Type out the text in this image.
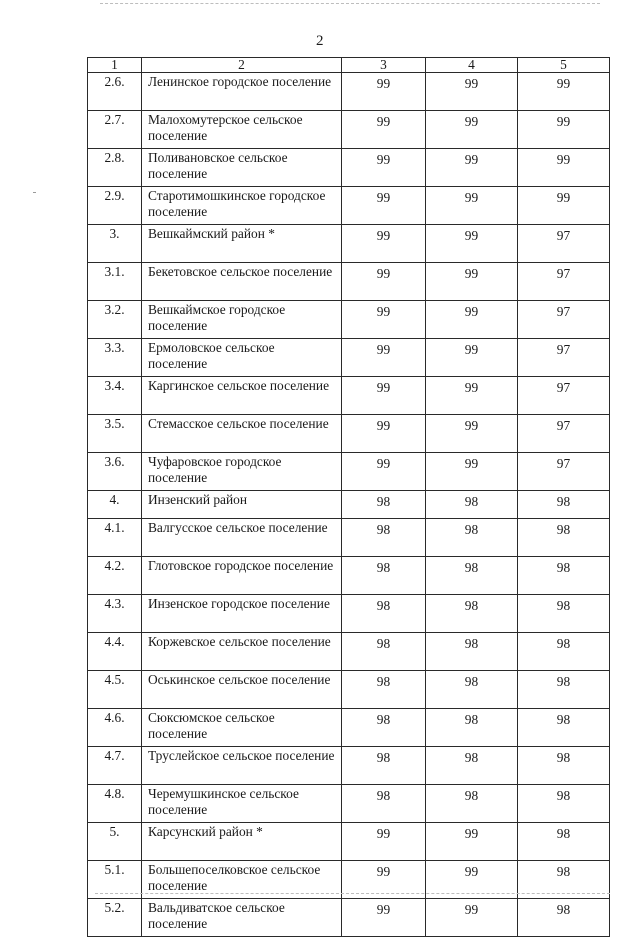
2
1	2	3	4	5
2.6.	Ленинское городское поселение	99	99	99
2.7.	Малохомутерское сельское поселение	99	99	99
2.8.	Поливановское сельское поселение	99	99	99
2.9.	Старотимошкинское городское поселение	99	99	99
3.	Вешкаймский район *	99	99	97
3.1.	Бекетовское сельское поселение	99	99	97
3.2.	Вешкаймское городское поселение	99	99	97
3.3.	Ермоловское сельское поселение	99	99	97
3.4.	Каргинское сельское поселение	99	99	97
3.5.	Стемасское сельское поселение	99	99	97
3.6.	Чуфаровское городское поселение	99	99	97
4.	Инзенский район	98	98	98
4.1.	Валгусское сельское поселение	98	98	98
4.2.	Глотовское городское поселение	98	98	98
4.3.	Инзенское городское поселение	98	98	98
4.4.	Коржевское сельское поселение	98	98	98
4.5.	Оськинское сельское поселение	98	98	98
4.6.	Сюксюмское сельское поселение	98	98	98
4.7.	Труслейское сельское поселение	98	98	98
4.8.	Черемушкинское сельское поселение	98	98	98
5.	Карсунский район *	99	99	98
5.1.	Большепоселковское сельское поселение	99	99	98
5.2.	Вальдиватское сельское поселение	99	99	98
